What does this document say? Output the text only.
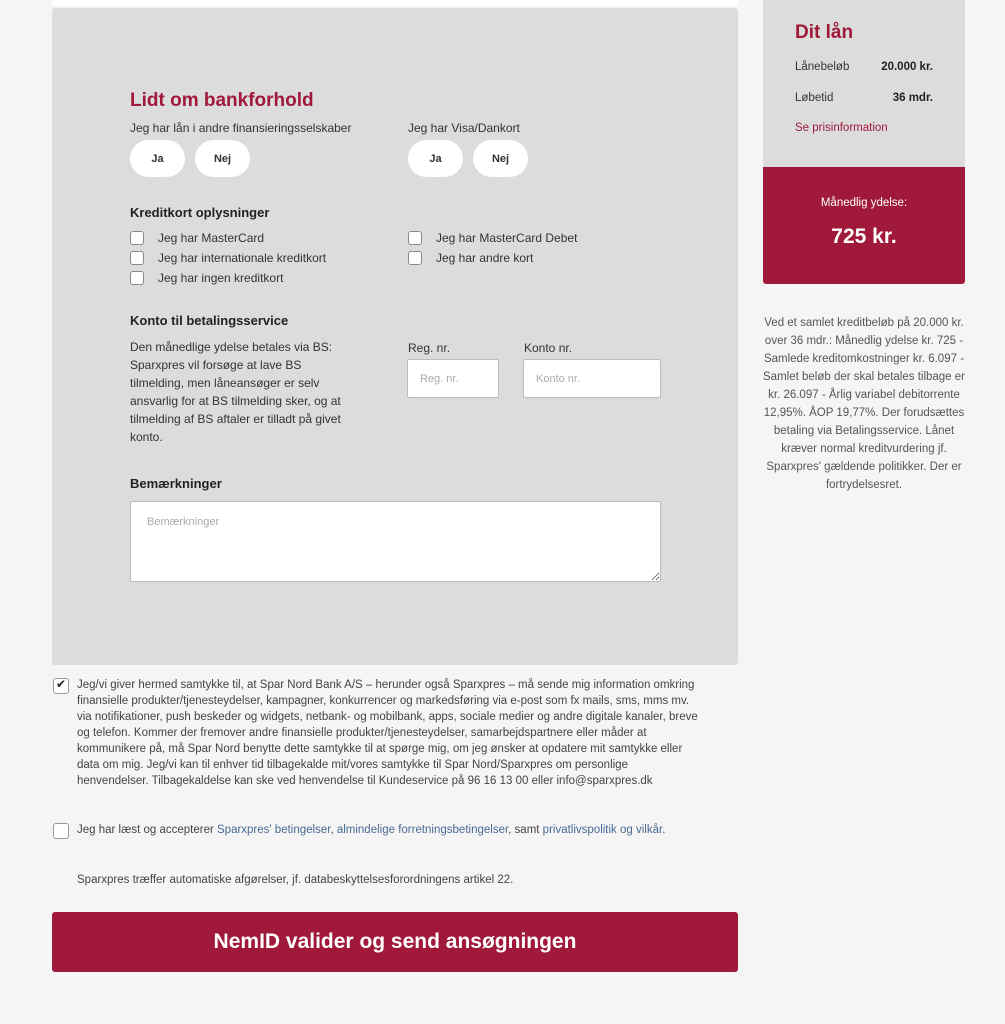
Lidt om bankforhold
Jeg har lån i andre finansieringsselskaber
Ja	Nej
Jeg har Visa/Dankort
Ja	Nej
Kreditkort oplysninger
Jeg har MasterCard
Jeg har internationale kreditkort
Jeg har ingen kreditkort
Jeg har MasterCard Debet
Jeg har andre kort
Konto til betalingsservice
Den månedlige ydelse betales via BS: Sparxpres vil forsøge at lave BS tilmelding, men låneansøger er selv ansvarlig for at BS tilmelding sker, og at tilmelding af BS aftaler er tilladt på givet konto.
Reg. nr.
Reg. nr.	Konto nr.
Konto nr.
Bemærkninger
Bemærkninger
Dit lån
Lånebeløb	20.000 kr.
Løbetid	36 mdr.
Se prisinformation
Månedlig ydelse:
725 kr.
Ved et samlet kreditbeløb på 20.000 kr. over 36 mdr.: Månedlig ydelse kr. 725 - Samlede kreditomkostninger kr. 6.097 - Samlet beløb der skal betales tilbage er kr. 26.097 - Årlig variabel debitorrente 12,95%. ÅOP 19,77%. Der forudsættes betaling via Betalingsservice. Lånet kræver normal kreditvurdering jf. Sparxpres' gældende politikker. Der er fortrydelsesret.
✔ Jeg/vi giver hermed samtykke til, at Spar Nord Bank A/S – herunder også Sparxpres – må sende mig information omkring finansielle produkter/tjenesteydelser, kampagner, konkurrencer og markedsføring via e-post som fx mails, sms, mms mv. via notifikationer, push beskeder og widgets, netbank- og mobilbank, apps, sociale medier og andre digitale kanaler, breve og telefon. Kommer der fremover andre finansielle produkter/tjenesteydelser, samarbejdspartnere eller måder at kommunikere på, må Spar Nord benytte dette samtykke til at spørge mig, om jeg ønsker at opdatere mit samtykke eller data om mig. Jeg/vi kan til enhver tid tilbagekalde mit/vores samtykke til Spar Nord/Sparxpres om personlige henvendelser. Tilbagekaldelse kan ske ved henvendelse til Kundeservice på 96 16 13 00 eller info@sparxpres.dk
Jeg har læst og accepterer Sparxpres' betingelser, almindelige forretningsbetingelser, samt privatlivspolitik og vilkår.
Sparxpres træffer automatiske afgørelser, jf. databeskyttelsesforordningens artikel 22.
NemID valider og send ansøgningen
